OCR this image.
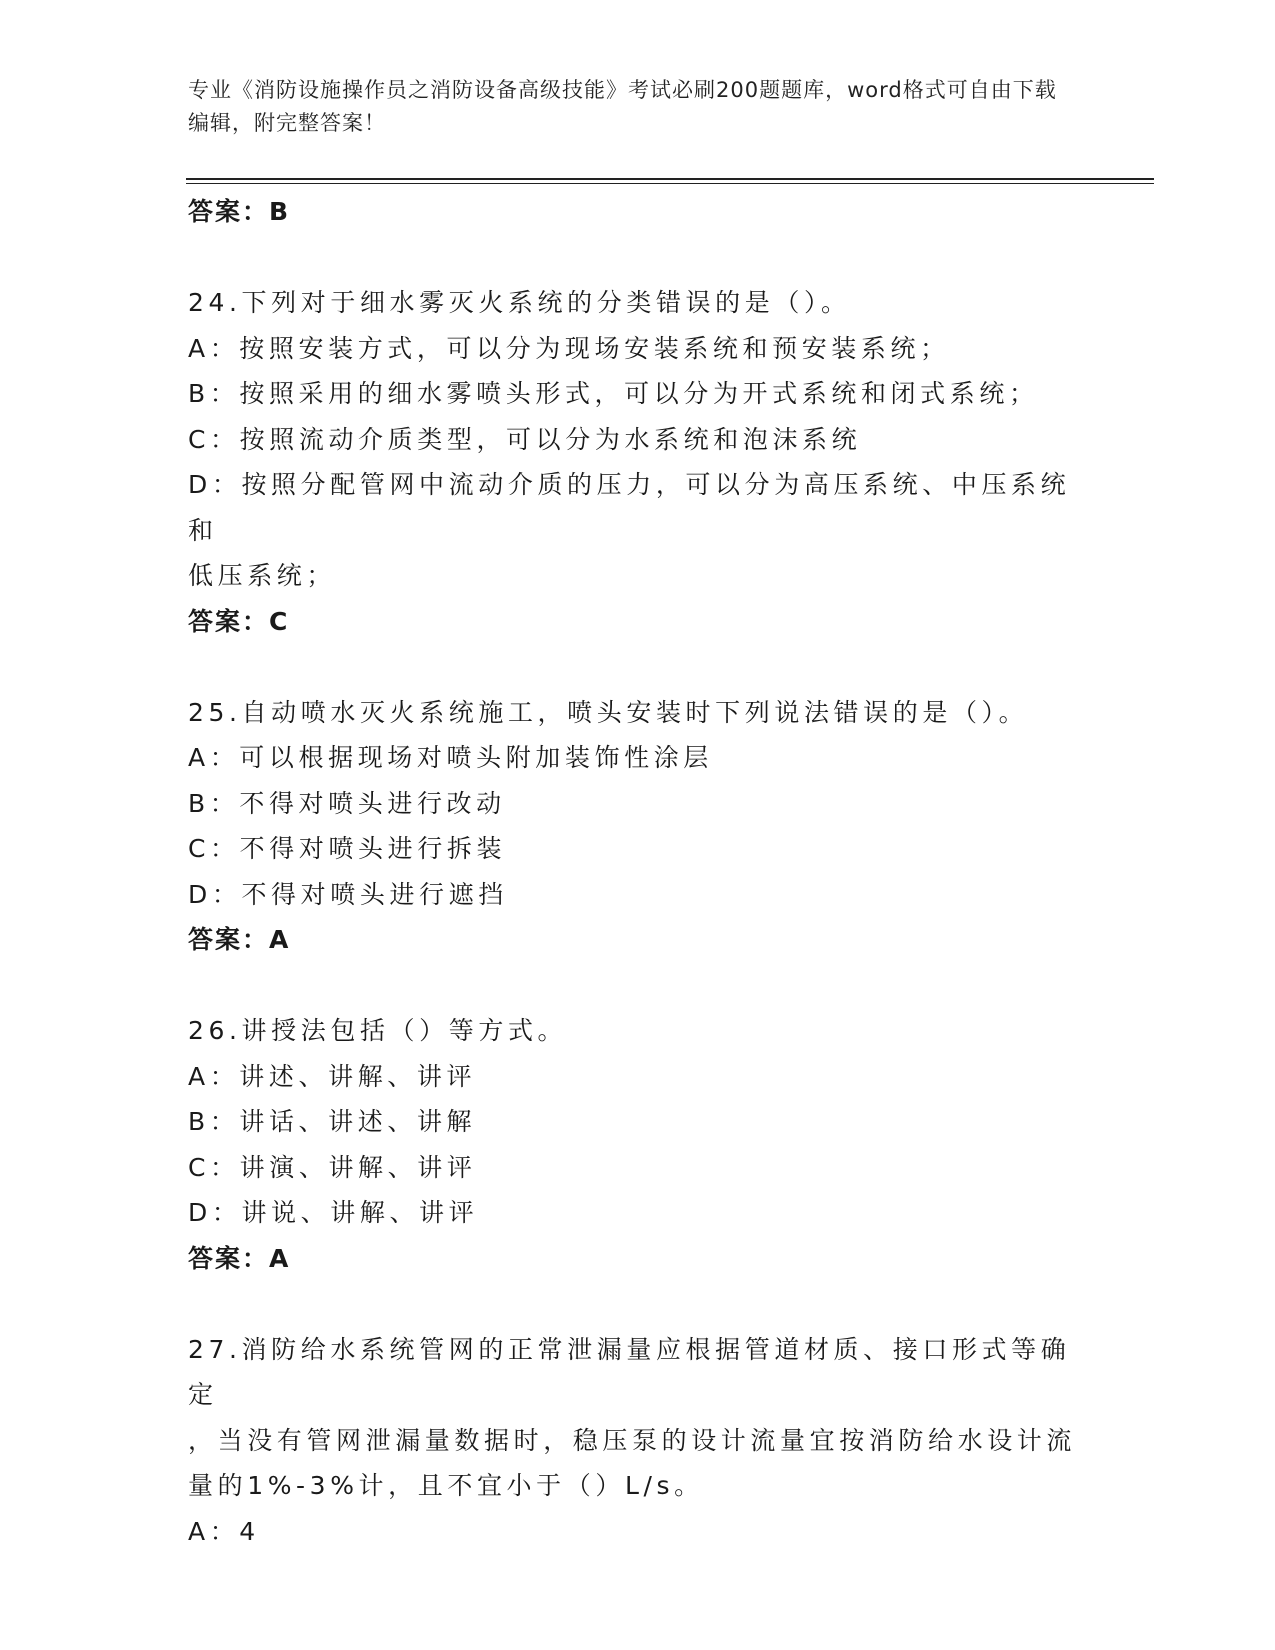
专业《消防设施操作员之消防设备高级技能》考试必刷200题题库，word格式可自由下载编辑，附完整答案！

答案：B

24.下列对于细水雾灭火系统的分类错误的是（）。

A：按照安装方式，可以分为现场安装系统和预安装系统；

B：按照采用的细水雾喷头形式，可以分为开式系统和闭式系统；

C：按照流动介质类型，可以分为水系统和泡沫系统

D：按照分配管网中流动介质的压力，可以分为高压系统、中压系统和

低压系统；

答案：C

25.自动喷水灭火系统施工，喷头安装时下列说法错误的是（）。

A：可以根据现场对喷头附加装饰性涂层

B：不得对喷头进行改动

C：不得对喷头进行拆装

D：不得对喷头进行遮挡

答案：A

26.讲授法包括（）等方式。

A：讲述、讲解、讲评

B：讲话、讲述、讲解

C：讲演、讲解、讲评

D：讲说、讲解、讲评

答案：A

27.消防给水系统管网的正常泄漏量应根据管道材质、接口形式等确定

，当没有管网泄漏量数据时，稳压泵的设计流量宜按消防给水设计流

量的1%-3%计，且不宜小于（）L/s。

A：4
